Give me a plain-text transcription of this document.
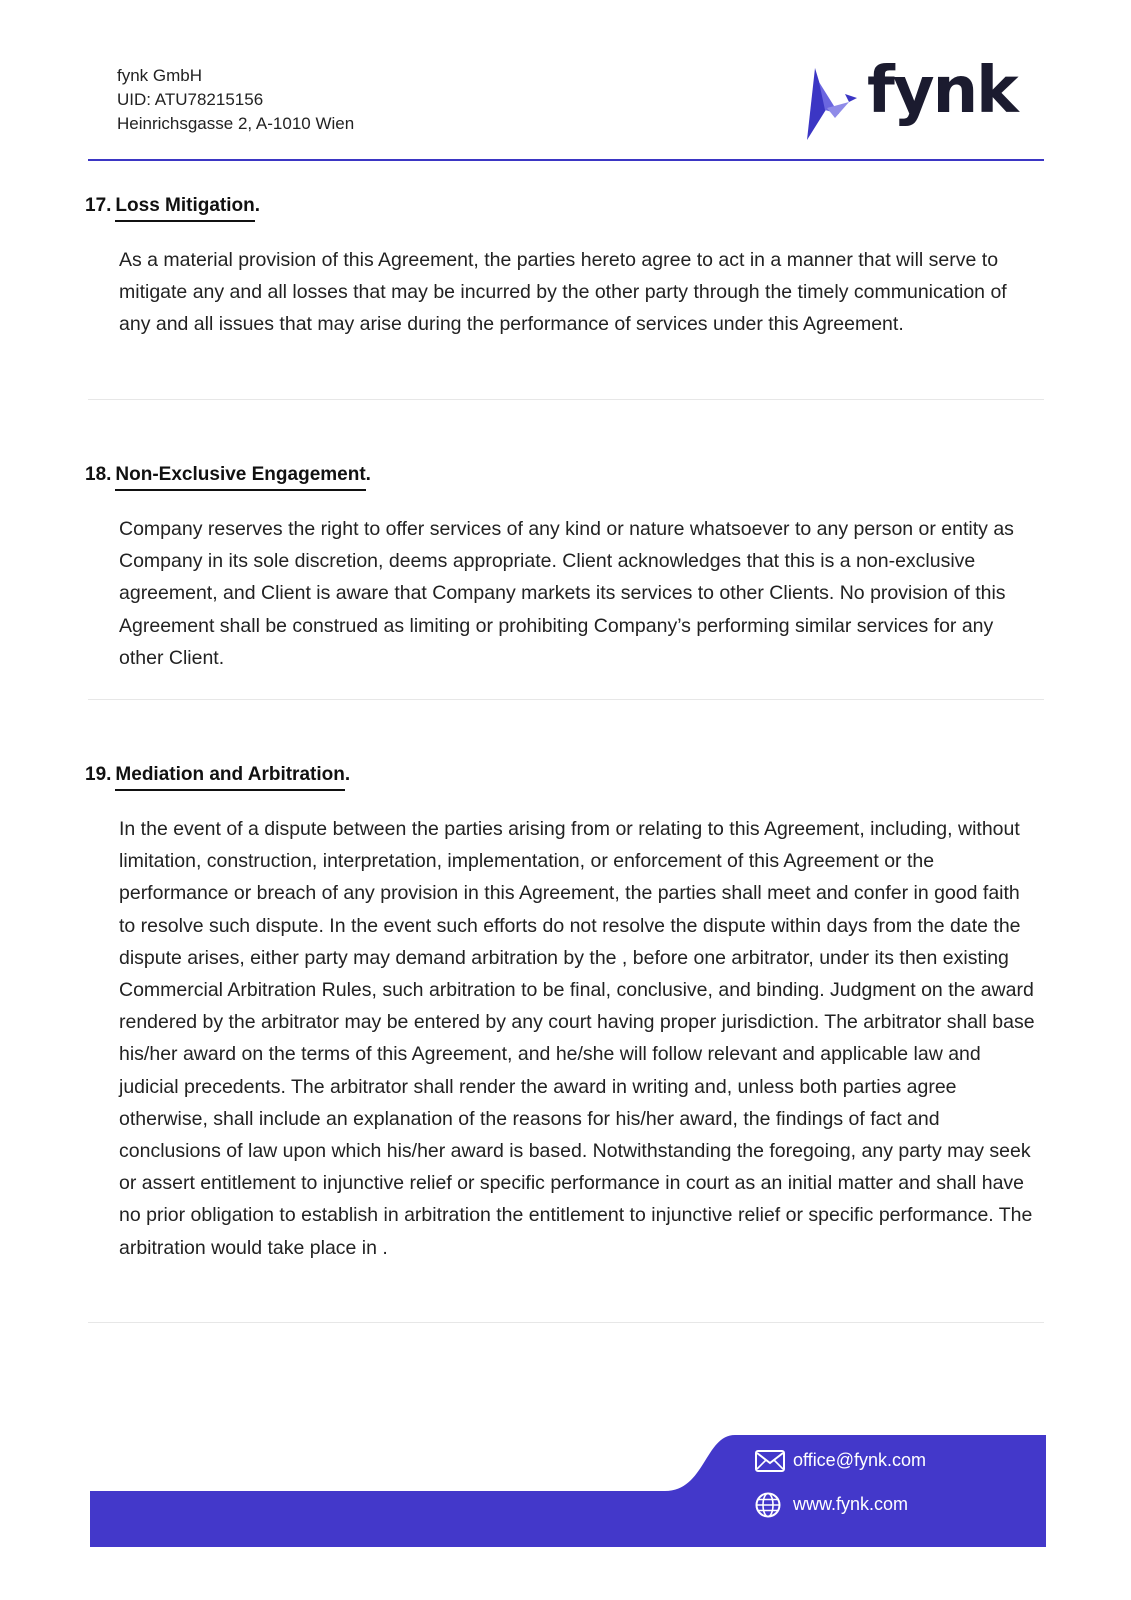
fynk GmbH
UID: ATU78215156
Heinrichsgasse 2, A-1010 Wien	fynk
17. Loss Mitigation.
As a material provision of this Agreement, the parties hereto agree to act in a manner that will serve to mitigate any and all losses that may be incurred by the other party through the timely communication of any and all issues that may arise during the performance of services under this Agreement.
18. Non-Exclusive Engagement.
Company reserves the right to offer services of any kind or nature whatsoever to any person or entity as Company in its sole discretion, deems appropriate. Client acknowledges that this is a non-exclusive agreement, and Client is aware that Company markets its services to other Clients. No provision of this Agreement shall be construed as limiting or prohibiting Company’s performing similar services for any other Client.
19. Mediation and Arbitration.
In the event of a dispute between the parties arising from or relating to this Agreement, including, without limitation, construction, interpretation, implementation, or enforcement of this Agreement or the performance or breach of any provision in this Agreement, the parties shall meet and confer in good faith to resolve such dispute. In the event such efforts do not resolve the dispute within days from the date the dispute arises, either party may demand arbitration by the , before one arbitrator, under its then existing Commercial Arbitration Rules, such arbitration to be final, conclusive, and binding. Judgment on the award rendered by the arbitrator may be entered by any court having proper jurisdiction. The arbitrator shall base his/her award on the terms of this Agreement, and he/she will follow relevant and applicable law and judicial precedents. The arbitrator shall render the award in writing and, unless both parties agree otherwise, shall include an explanation of the reasons for his/her award, the findings of fact and conclusions of law upon which his/her award is based. Notwithstanding the foregoing, any party may seek or assert entitlement to injunctive relief or specific performance in court as an initial matter and shall have no prior obligation to establish in arbitration the entitlement to injunctive relief or specific performance. The arbitration would take place in .
office@fynk.com
www.fynk.com
